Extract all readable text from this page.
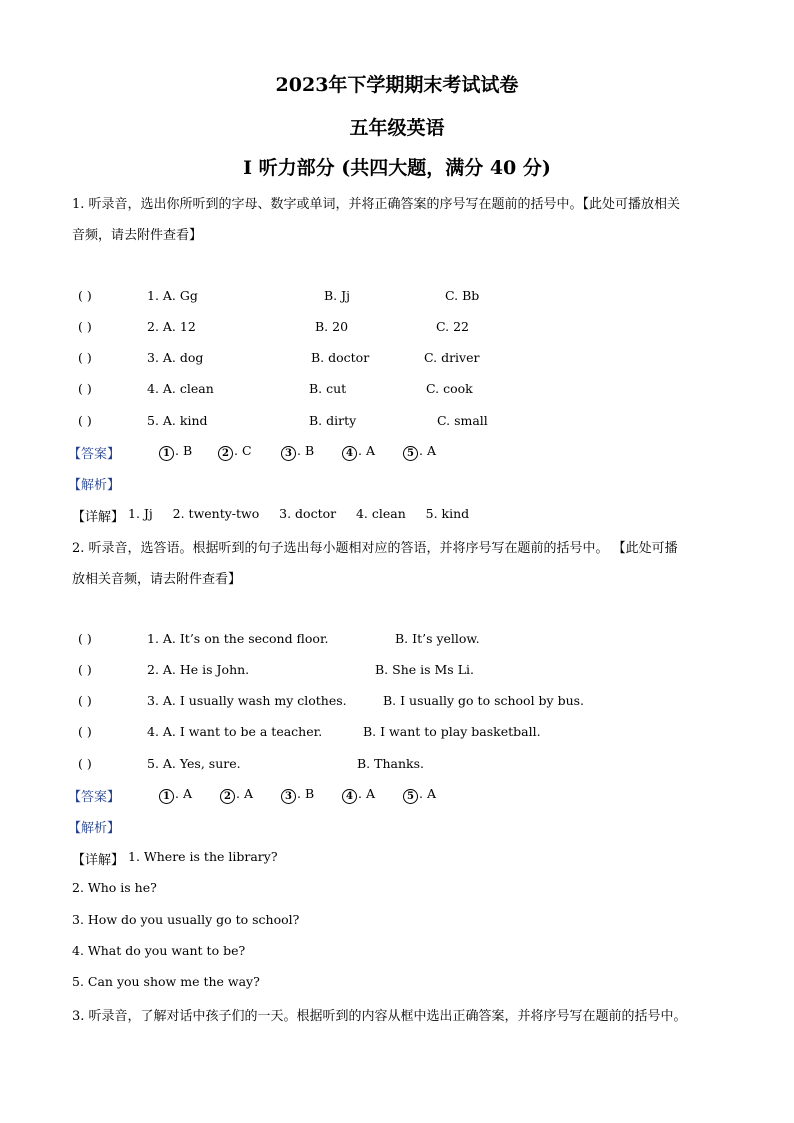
2023年下学期期末考试试卷
五年级英语
Ⅰ 听力部分 (共四大题，满分 40 分)
1. 听录音，选出你所听到的字母、数字或单词，并将正确答案的序号写在题前的括号中。【此处可播放相关
音频，请去附件查看】
( )	1. A. Gg	B. Jj	C. Bb
( )	2. A. 12	B. 20	C. 22
( )	3. A. dog	B. doctor	C. driver
( )	4. A. clean	B. cut	C. cook
( )	5. A. kind	B. dirty	C. small
【答案】	1 . B	2 . C	3 . B	4 . A	5 . A
【解析】
【详解】 1. Jj     2. twenty-two     3. doctor     4. clean     5. kind
2. 听录音，选答语。根据听到的句子选出每小题相对应的答语，并将序号写在题前的括号中。 【此处可播
放相关音频，请去附件查看】
( )	1. A. It’s on the second floor.	B. It’s yellow.
( )	2. A. He is John.	B. She is Ms Li.
( )	3. A. I usually wash my clothes.	B. I usually go to school by bus.
( )	4. A. I want to be a teacher.	B. I want to play basketball.
( )	5. A. Yes, sure.	B. Thanks.
【答案】	1 . A	2 . A	3 . B	4 . A	5 . A
【解析】
【详解】 1. Where is the library?
2. Who is he?
3. How do you usually go to school?
4. What do you want to be?
5. Can you show me the way?
3. 听录音，了解对话中孩子们的一天。根据听到的内容从框中选出正确答案，并将序号写在题前的括号中。
